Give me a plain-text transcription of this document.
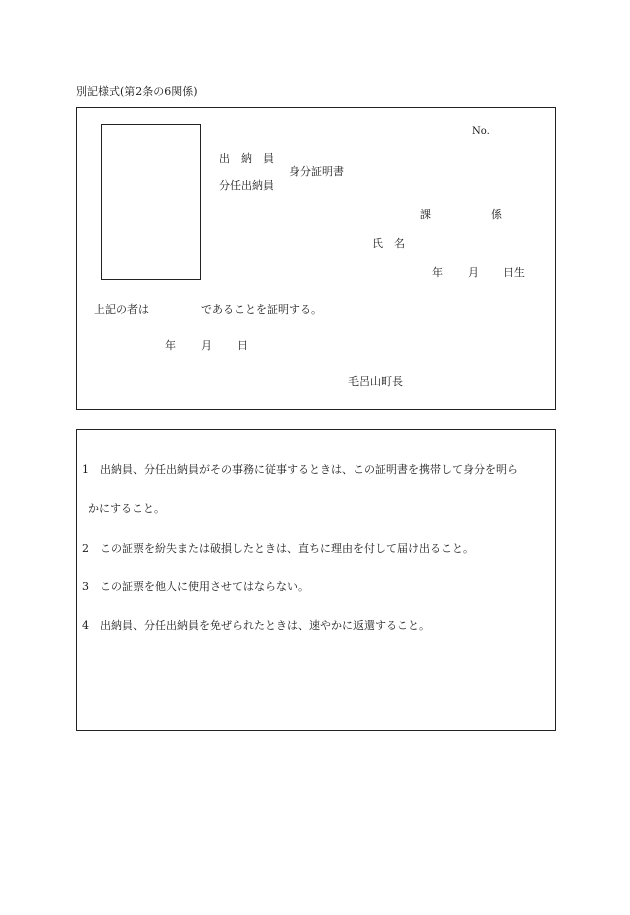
別記様式(第2条の6関係)
No.
出　納　員
分任出納員
身分証明書
課	係
氏　名
年 月 日生
上記の者は	であることを証明する。
年 月 日
毛呂山町長
1　出納員、分任出納員がその事務に従事するときは、この証明書を携帯して身分を明ら
かにすること。
2　この証票を紛失または破損したときは、直ちに理由を付して届け出ること。
3　この証票を他人に使用させてはならない。
4　出納員、分任出納員を免ぜられたときは、速やかに返還すること。
